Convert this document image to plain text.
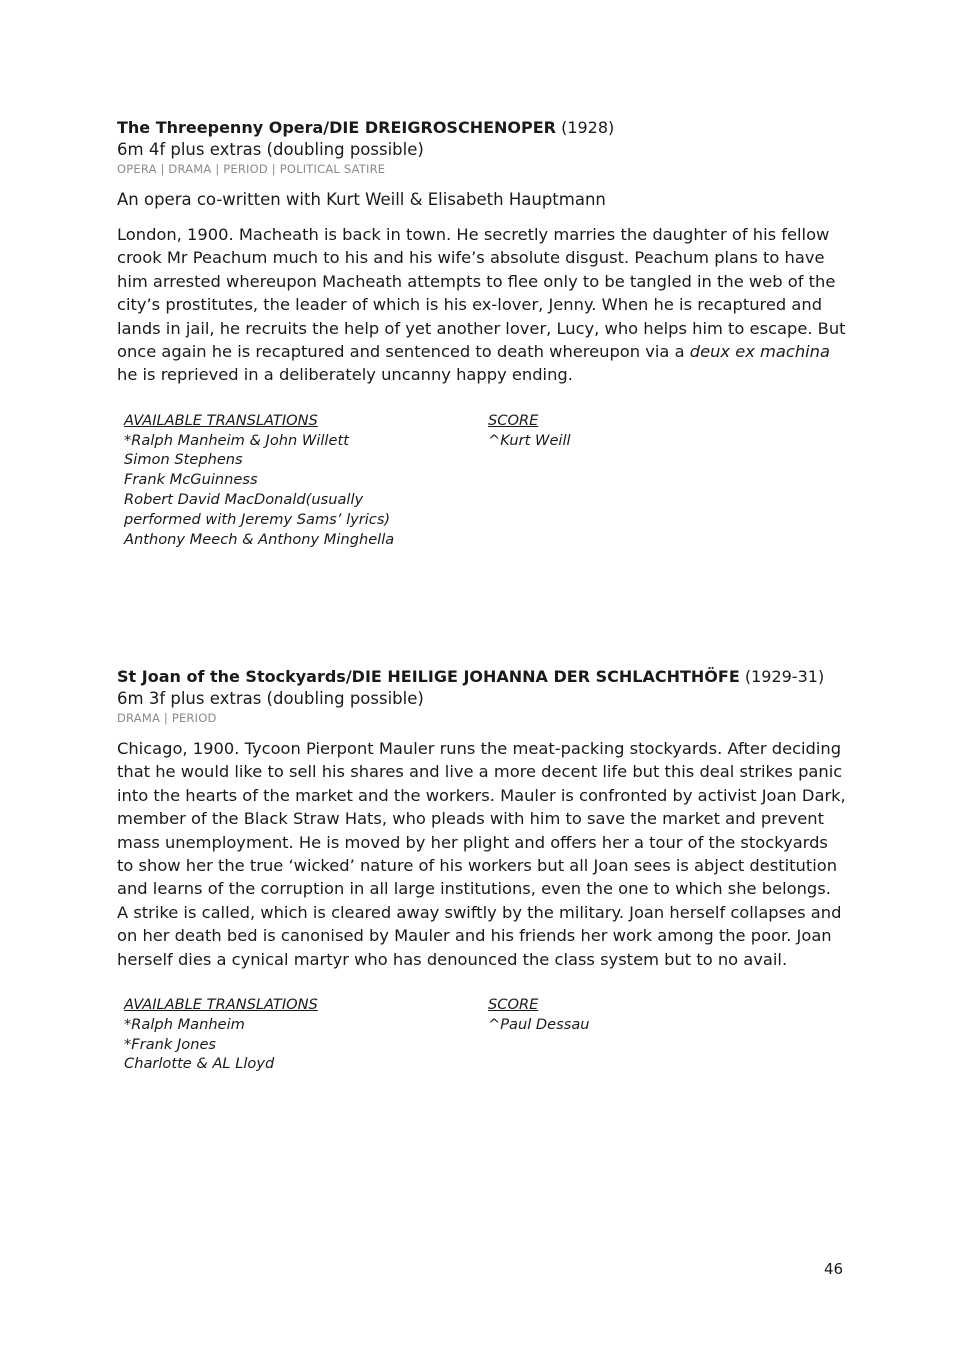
The Threepenny Opera/DIE DREIGROSCHENOPER (1928)

6m 4f plus extras (doubling possible)

OPERA | DRAMA | PERIOD | POLITICAL SATIRE

An opera co-written with Kurt Weill & Elisabeth Hauptmann

London, 1900. Macheath is back in town. He secretly marries the daughter of his fellow crook Mr Peachum much to his and his wife’s absolute disgust. Peachum plans to have him arrested whereupon Macheath attempts to flee only to be tangled in the web of the city’s prostitutes, the leader of which is his ex-lover, Jenny. When he is recaptured and lands in jail, he recruits the help of yet another lover, Lucy, who helps him to escape. But once again he is recaptured and sentenced to death whereupon via a deux ex machina he is reprieved in a deliberately uncanny happy ending.

AVAILABLE TRANSLATIONS
*Ralph Manheim & John Willett
Simon Stephens
Frank McGuinness
Robert David MacDonald(usually
performed with Jeremy Sams’ lyrics)
Anthony Meech & Anthony Minghella
SCORE
^Kurt Weill

St Joan of the Stockyards/DIE HEILIGE JOHANNA DER SCHLACHTHÖFE (1929-31)

6m 3f plus extras (doubling possible)

DRAMA | PERIOD

Chicago, 1900. Tycoon Pierpont Mauler runs the meat-packing stockyards. After deciding that he would like to sell his shares and live a more decent life but this deal strikes panic into the hearts of the market and the workers. Mauler is confronted by activist Joan Dark, member of the Black Straw Hats, who pleads with him to save the market and prevent mass unemployment. He is moved by her plight and offers her a tour of the stockyards to show her the true ‘wicked’ nature of his workers but all Joan sees is abject destitution and learns of the corruption in all large institutions, even the one to which she belongs. A strike is called, which is cleared away swiftly by the military. Joan herself collapses and on her death bed is canonised by Mauler and his friends her work among the poor. Joan herself dies a cynical martyr who has denounced the class system but to no avail.

AVAILABLE TRANSLATIONS
*Ralph Manheim
*Frank Jones
Charlotte & AL Lloyd
SCORE
^Paul Dessau
46
